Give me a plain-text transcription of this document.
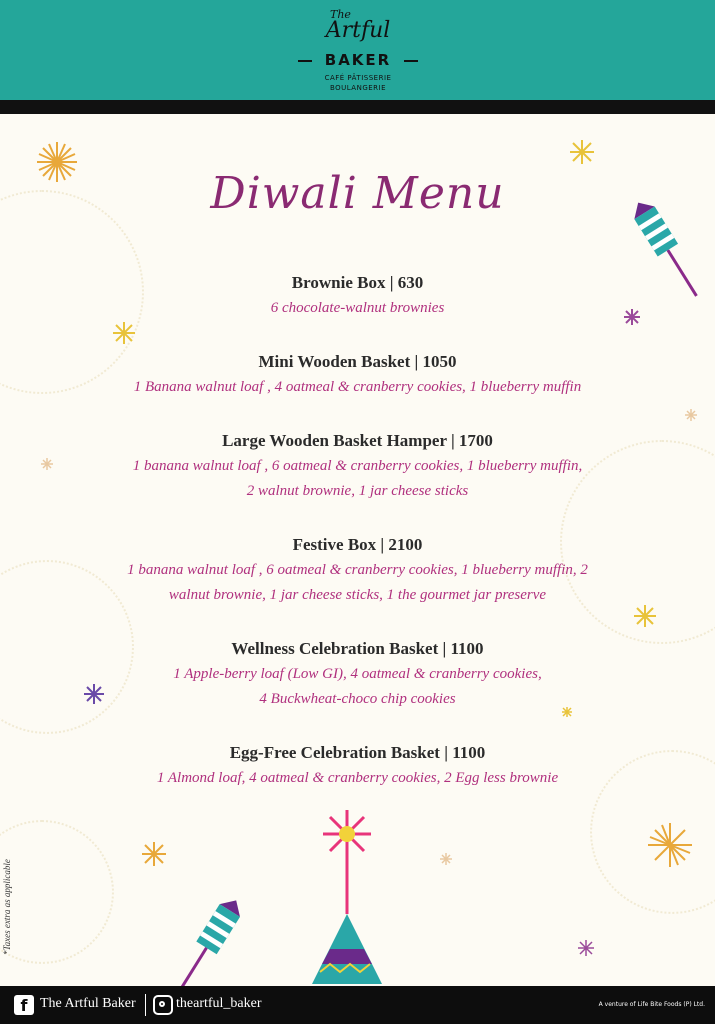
The
Artful
BAKER
CAFÉ PÂTISSERIE
BOULANGERIE
Diwali Menu
Brownie Box | 630
6 chocolate-walnut brownies
Mini Wooden Basket | 1050
1 Banana walnut loaf , 4 oatmeal & cranberry cookies, 1 blueberry muffin
Large Wooden Basket Hamper | 1700
1 banana walnut loaf , 6 oatmeal & cranberry cookies, 1 blueberry muffin,
2 walnut brownie, 1 jar cheese sticks
Festive Box | 2100
1 banana walnut loaf , 6 oatmeal & cranberry cookies, 1 blueberry muffin, 2
walnut brownie, 1 jar cheese sticks, 1 the gourmet jar preserve
Wellness Celebration Basket | 1100
1 Apple-berry loaf (Low GI), 4 oatmeal & cranberry cookies,
4 Buckwheat-choco chip cookies
Egg-Free Celebration Basket | 1100
1 Almond loaf, 4 oatmeal & cranberry cookies, 2 Egg less brownie
*Taxes extra as applicable
f The Artful Baker	theartful_baker	A venture of Life Bite Foods (P) Ltd.
